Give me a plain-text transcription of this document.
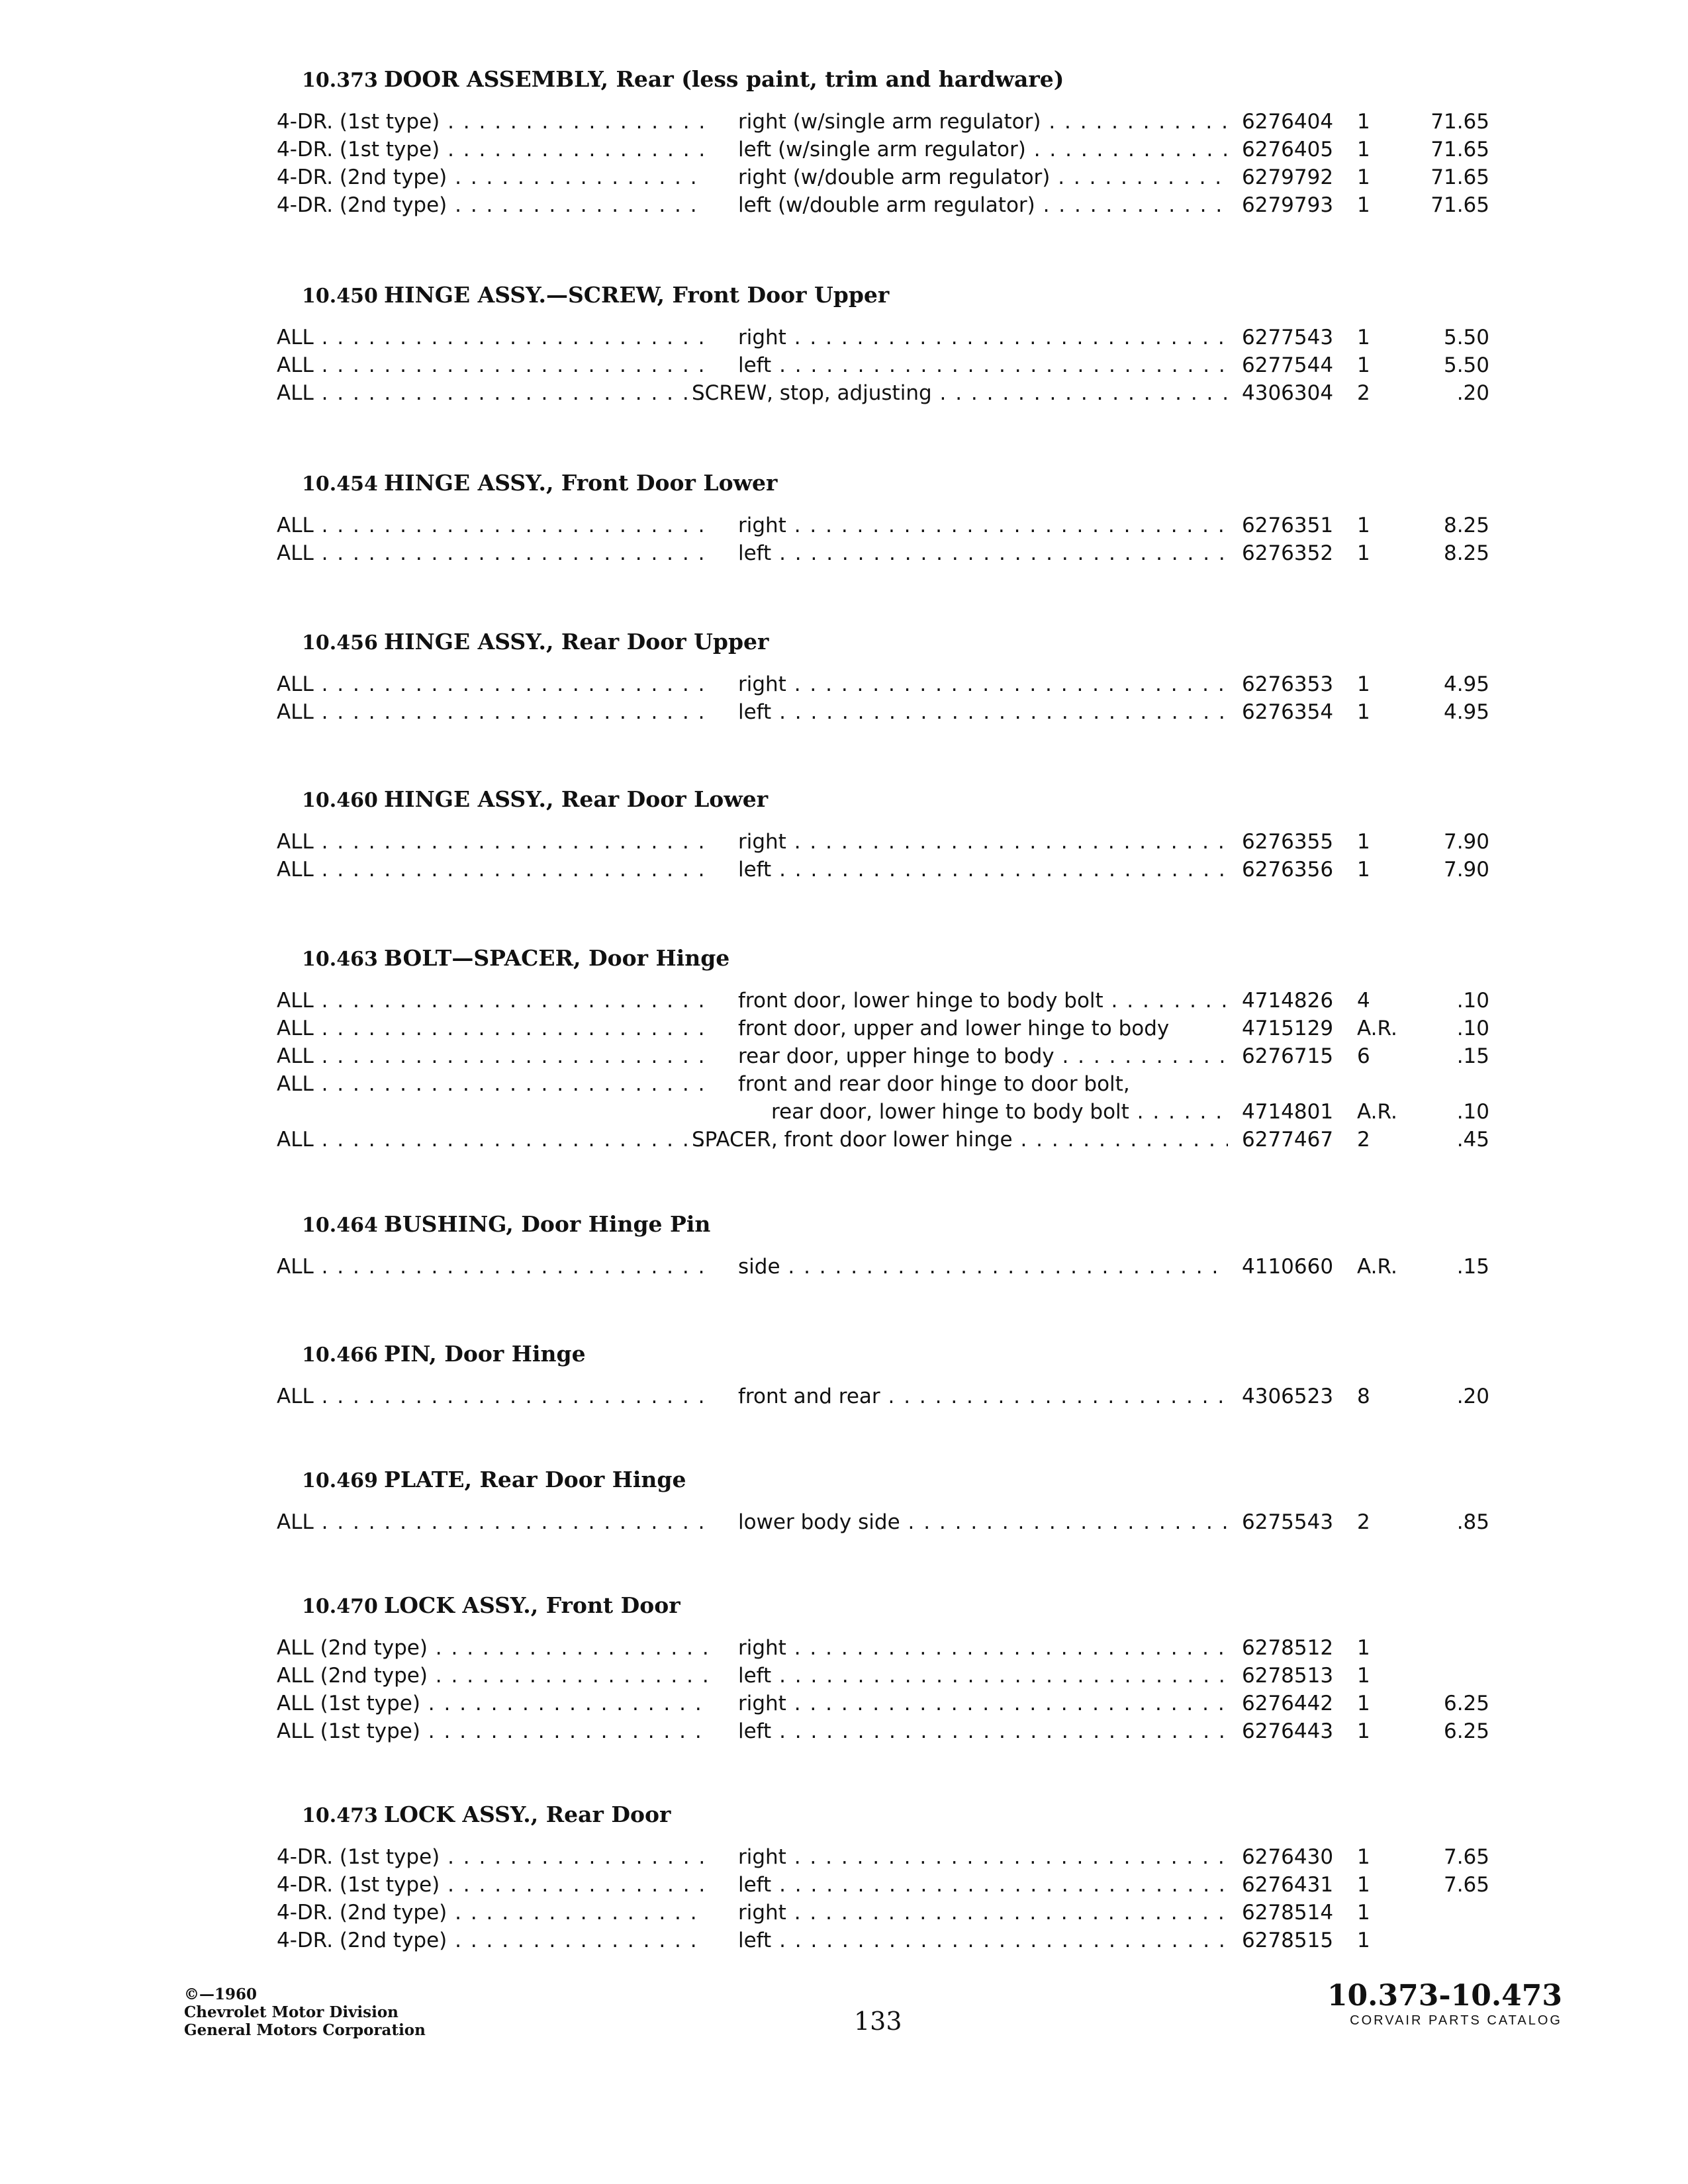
10.373 DOOR ASSEMBLY, Rear (less paint, trim and hardware)
4-DR. (1st type) . . .	right (w/single arm regulator) . . .	6276404	1	71.65
4-DR. (1st type) . . .	left (w/single arm regulator) . . .	6276405	1	71.65
4-DR. (2nd type) . . .	right (w/double arm regulator) . . .	6279792	1	71.65
4-DR. (2nd type) . . .	left (w/double arm regulator) . . .	6279793	1	71.65
10.450 HINGE ASSY.—SCREW, Front Door Upper
ALL . . .	right . . .	6277543	1	5.50
ALL . . .	left . . .	6277544	1	5.50
ALL . . .	SCREW, stop, adjusting . . .	4306304	2	.20
10.454 HINGE ASSY., Front Door Lower
ALL . . .	right . . .	6276351	1	8.25
ALL . . .	left . . .	6276352	1	8.25
10.456 HINGE ASSY., Rear Door Upper
ALL . . .	right . . .	6276353	1	4.95
ALL . . .	left . . .	6276354	1	4.95
10.460 HINGE ASSY., Rear Door Lower
ALL . . .	right . . .	6276355	1	7.90
ALL . . .	left . . .	6276356	1	7.90
10.463 BOLT—SPACER, Door Hinge
ALL . . .	front door, lower hinge to body bolt . . .	4714826	4	.10
ALL . . .	front door, upper and lower hinge to body	4715129	A.R.	.10
ALL . . .	rear door, upper hinge to body . . .	6276715	6	.15
ALL . . .	front and rear door hinge to door bolt,
rear door, lower hinge to body bolt . . .	4714801	A.R.	.10
ALL . . .	SPACER, front door lower hinge . . .	6277467	2	.45
10.464 BUSHING, Door Hinge Pin
ALL . . .	side . . .	4110660	A.R.	.15
10.466 PIN, Door Hinge
ALL . . .	front and rear . . .	4306523	8	.20
10.469 PLATE, Rear Door Hinge
ALL . . .	lower body side . . .	6275543	2	.85
10.470 LOCK ASSY., Front Door
ALL (2nd type) . . .	right . . .	6278512	1
ALL (2nd type) . . .	left . . .	6278513	1
ALL (1st type) . . .	right . . .	6276442	1	6.25
ALL (1st type) . . .	left . . .	6276443	1	6.25
10.473 LOCK ASSY., Rear Door
4-DR. (1st type) . . .	right . . .	6276430	1	7.65
4-DR. (1st type) . . .	left . . .	6276431	1	7.65
4-DR. (2nd type) . . .	right . . .	6278514	1
4-DR. (2nd type) . . .	left . . .	6278515	1
©—1960
Chevrolet Motor Division
General Motors Corporation	133
10.373-10.473
CORVAIR PARTS CATALOG
